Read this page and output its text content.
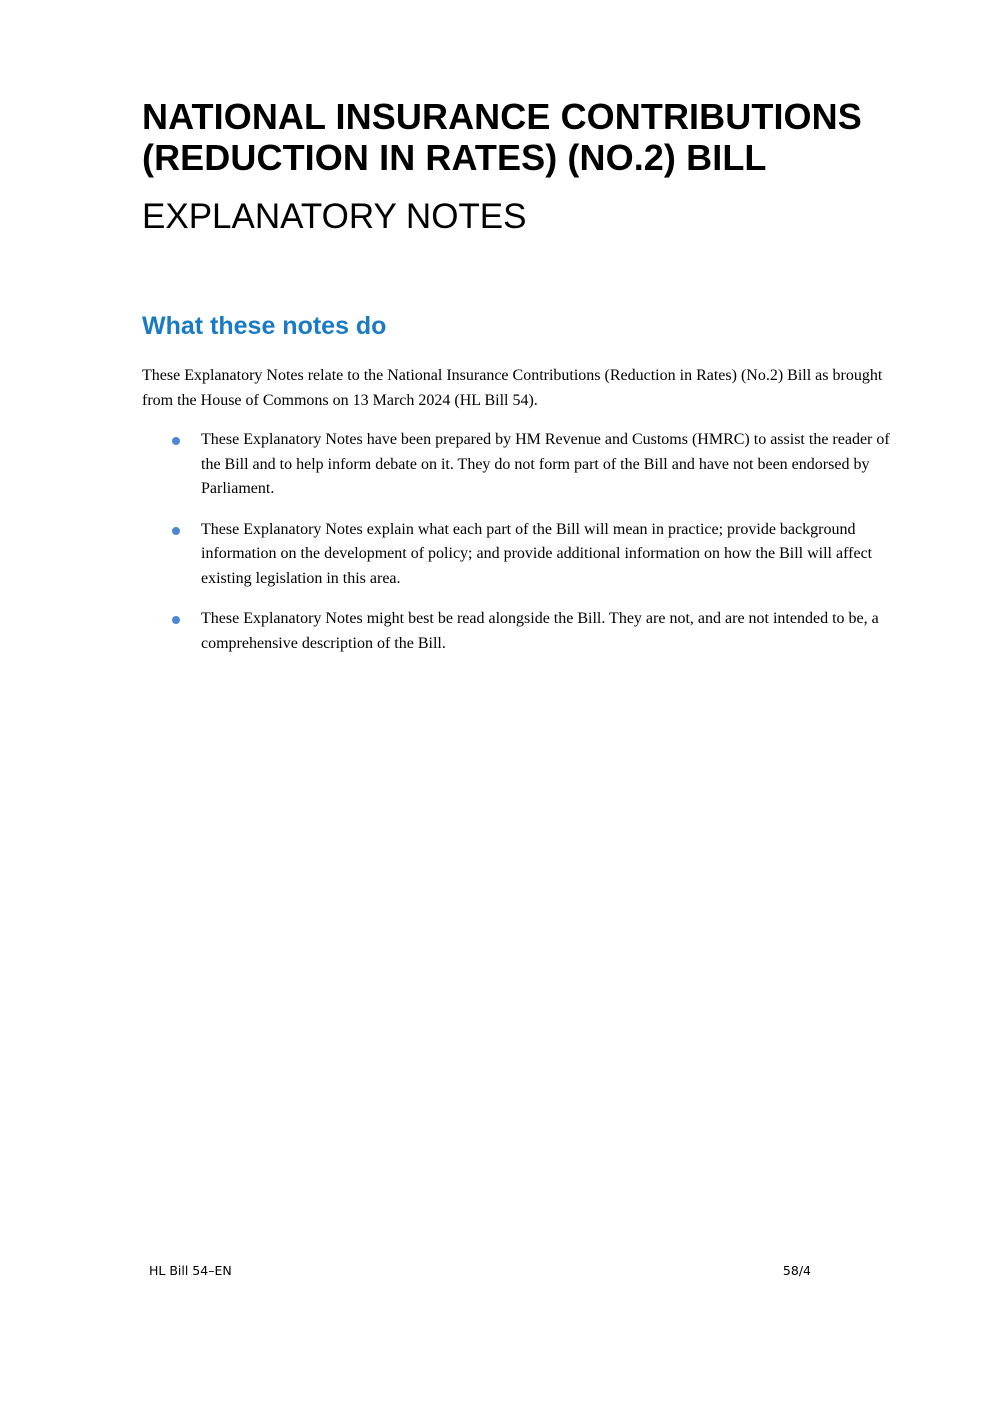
NATIONAL INSURANCE CONTRIBUTIONS (REDUCTION IN RATES) (NO.2) BILL
EXPLANATORY NOTES
What these notes do

These Explanatory Notes relate to the National Insurance Contributions (Reduction in Rates) (No.2) Bill as brought from the House of Commons on 13 March 2024 (HL Bill 54).

These Explanatory Notes have been prepared by HM Revenue and Customs (HMRC) to assist the reader of the Bill and to help inform debate on it. They do not form part of the Bill and have not been endorsed by Parliament.
These Explanatory Notes explain what each part of the Bill will mean in practice; provide background information on the development of policy; and provide additional information on how the Bill will affect existing legislation in this area.
These Explanatory Notes might best be read alongside the Bill. They are not, and are not intended to be, a comprehensive description of the Bill.

HL Bill 54–EN	58/4
